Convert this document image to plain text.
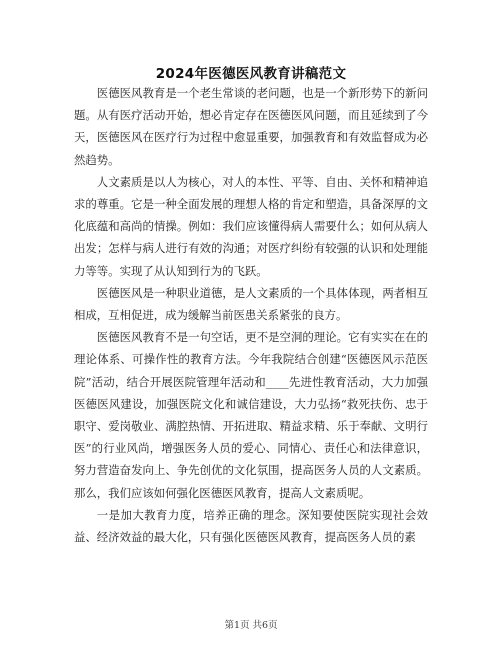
2024年医德医风教育讲稿范文

医德医风教育是一个老生常谈的老问题，也是一个新形势下的新问题。从有医疗活动开始，想必肯定存在医德医风问题，而且延续到了今天，医德医风在医疗行为过程中愈显重要，加强教育和有效监督成为必然趋势。

人文素质是以人为核心，对人的本性、平等、自由、关怀和精神追求的尊重。它是一种全面发展的理想人格的肯定和塑造，具备深厚的文化底蕴和高尚的情操。例如：我们应该懂得病人需要什么；如何从病人出发；怎样与病人进行有效的沟通；对医疗纠纷有较强的认识和处理能力等等。实现了从认知到行为的飞跃。

医德医风是一种职业道德，是人文素质的一个具体体现，两者相互相成，互相促进，成为缓解当前医患关系紧张的良方。

医德医风教育不是一句空话，更不是空洞的理论。它有实实在在的理论体系、可操作性的教育方法。今年我院结合创建“医德医风示范医院”活动，结合开展医院管理年活动和____先进性教育活动，大力加强医德医风建设，加强医院文化和诚信建设，大力弘扬“救死扶伤、忠于职守、爱岗敬业、满腔热情、开拓进取、精益求精、乐于奉献、文明行医”的行业风尚，增强医务人员的爱心、同情心、责任心和法律意识，努力营造奋发向上、争先创优的文化氛围，提高医务人员的人文素质。那么，我们应该如何强化医德医风教育，提高人文素质呢。

一是加大教育力度，培养正确的理念。深知要使医院实现社会效益、经济效益的最大化，只有强化医德医风教育，提高医务人员的素

第1页 共6页
